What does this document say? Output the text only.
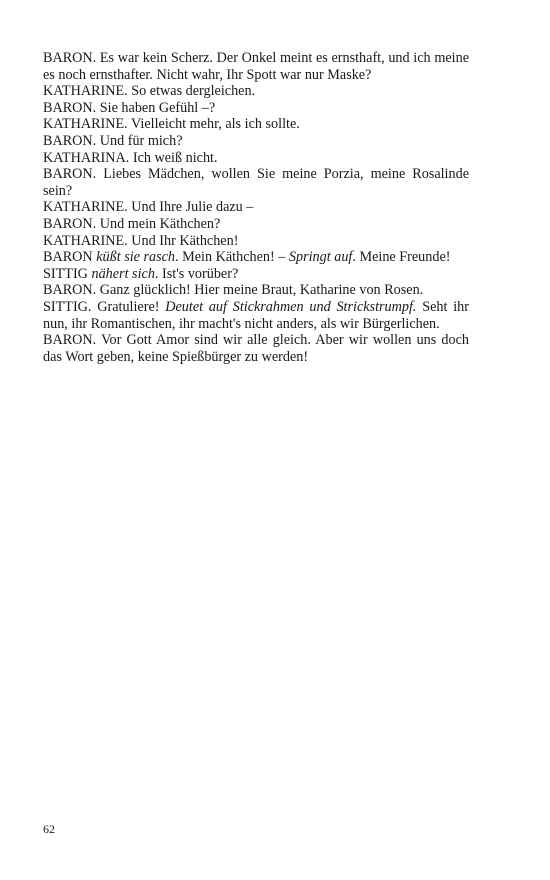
BARON. Es war kein Scherz. Der Onkel meint es ernsthaft, und ich meine es noch ernsthafter. Nicht wahr, Ihr Spott war nur Maske?

KATHARINE. So etwas dergleichen.

BARON. Sie haben Gefühl –?

KATHARINE. Vielleicht mehr, als ich sollte.

BARON. Und für mich?

KATHARINA. Ich weiß nicht.

BARON. Liebes Mädchen, wollen Sie meine Porzia, meine Rosalinde sein?

KATHARINE. Und Ihre Julie dazu –

BARON. Und mein Käthchen?

KATHARINE. Und Ihr Käthchen!

BARON küßt sie rasch. Mein Käthchen! – Springt auf. Meine Freunde!

SITTIG nähert sich. Ist's vorüber?

BARON. Ganz glücklich! Hier meine Braut, Katharine von Rosen.

SITTIG. Gratuliere! Deutet auf Stickrahmen und Strickstrumpf. Seht ihr nun, ihr Romantischen, ihr macht's nicht anders, als wir Bürgerlichen.

BARON. Vor Gott Amor sind wir alle gleich. Aber wir wollen uns doch das Wort geben, keine Spießbürger zu werden!

62
